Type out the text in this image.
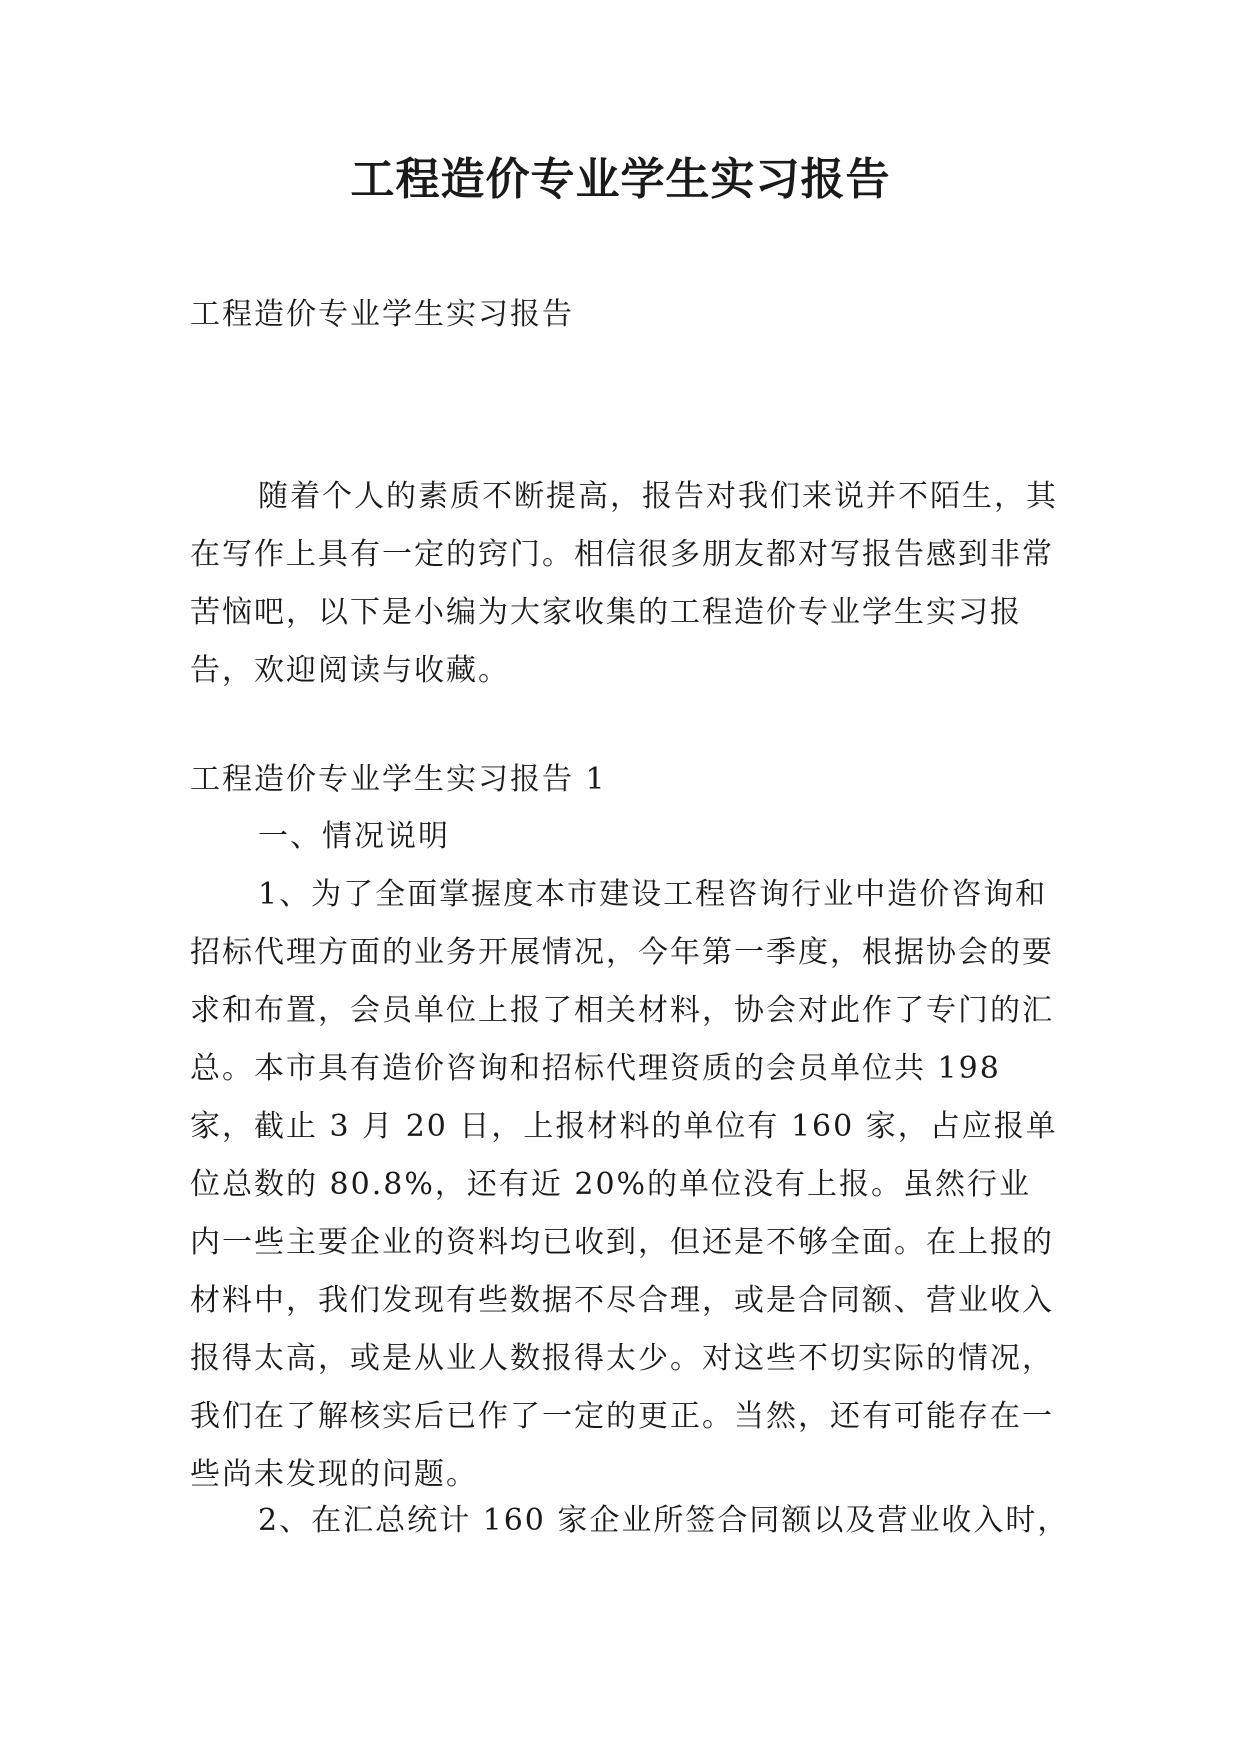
工程造价专业学生实习报告

工程造价专业学生实习报告

随着个人的素质不断提高，报告对我们来说并不陌生，其在写作上具有一定的窍门。相信很多朋友都对写报告感到非常苦恼吧，以下是小编为大家收集的工程造价专业学生实习报告，欢迎阅读与收藏。

工程造价专业学生实习报告 1

一、情况说明

1、为了全面掌握度本市建设工程咨询行业中造价咨询和招标代理方面的业务开展情况，今年第一季度，根据协会的要求和布置，会员单位上报了相关材料，协会对此作了专门的汇总。本市具有造价咨询和招标代理资质的会员单位共 198 家，截止 3 月 20 日，上报材料的单位有 160 家，占应报单位总数的 80.8%，还有近 20%的单位没有上报。虽然行业内一些主要企业的资料均已收到，但还是不够全面。在上报的材料中，我们发现有些数据不尽合理，或是合同额、营业收入报得太高，或是从业人数报得太少。对这些不切实际的情况，我们在了解核实后已作了一定的更正。当然，还有可能存在一些尚未发现的问题。

2、在汇总统计 160 家企业所签合同额以及营业收入时，
